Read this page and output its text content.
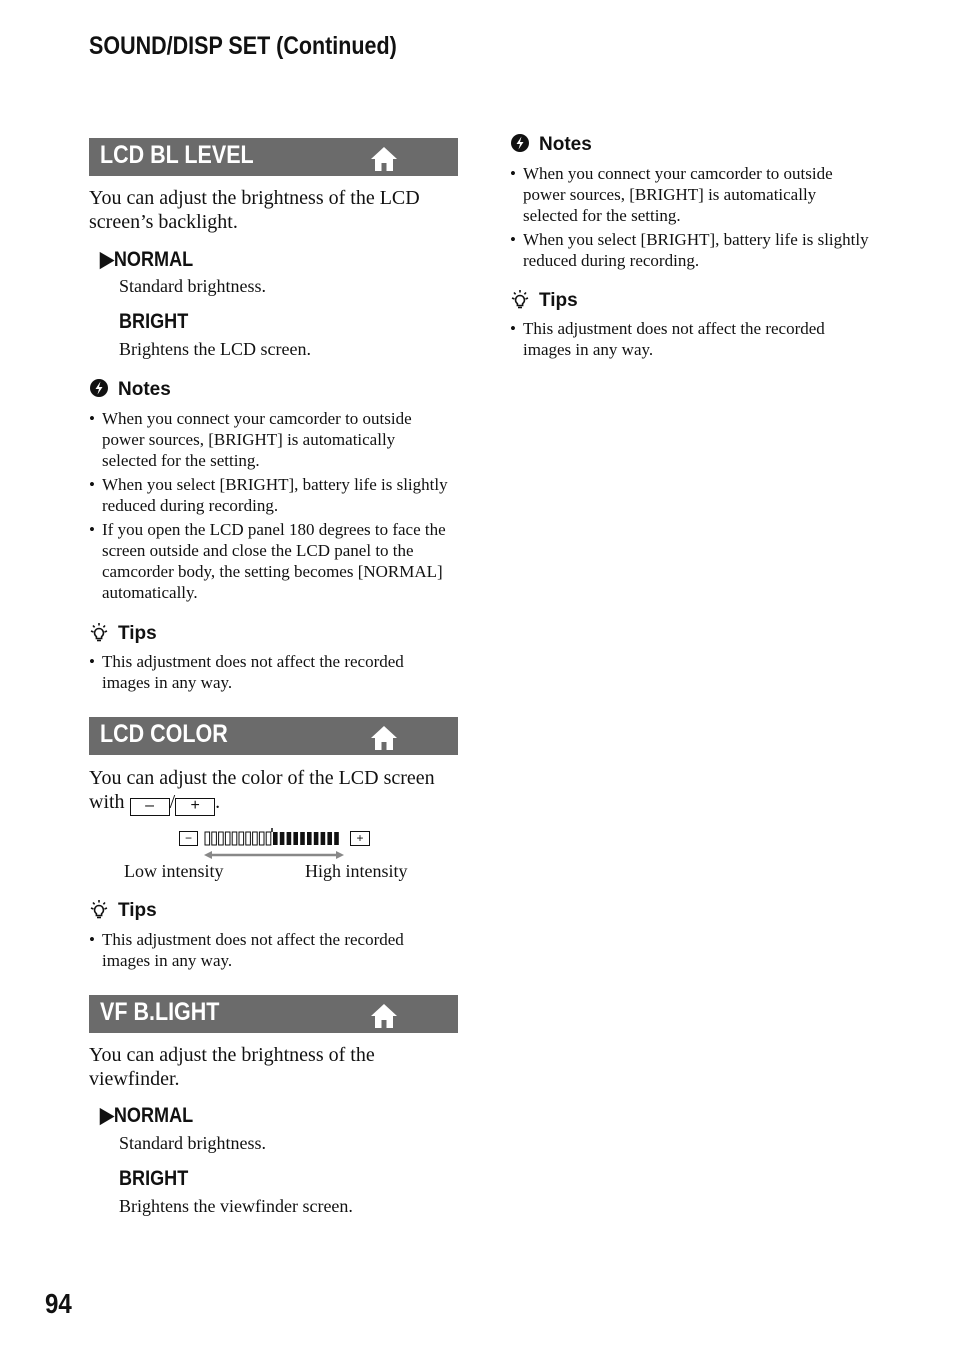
SOUND/DISP SET (Continued)
LCD BL LEVEL
You can adjust the brightness of the LCD screen’s backlight.
▶NORMAL
Standard brightness.
BRIGHT
Brightens the LCD screen.
Notes
• When you connect your camcorder to outside power sources, [BRIGHT] is automatically selected for the setting.
• When you select [BRIGHT], battery life is slightly reduced during recording.
• If you open the LCD panel 180 degrees to face the screen outside and close the LCD panel to the camcorder body, the setting becomes [NORMAL] automatically.
Tips
• This adjustment does not affect the recorded images in any way.
LCD COLOR
You can adjust the color of the LCD screen with – / + .
−	+
Low intensity	High intensity
Tips
• This adjustment does not affect the recorded images in any way.
VF B.LIGHT
You can adjust the brightness of the viewfinder.
▶NORMAL
Standard brightness.
BRIGHT
Brightens the viewfinder screen.
Notes
• When you connect your camcorder to outside power sources, [BRIGHT] is automatically selected for the setting.
• When you select [BRIGHT], battery life is slightly reduced during recording.
Tips
• This adjustment does not affect the recorded images in any way.
94
